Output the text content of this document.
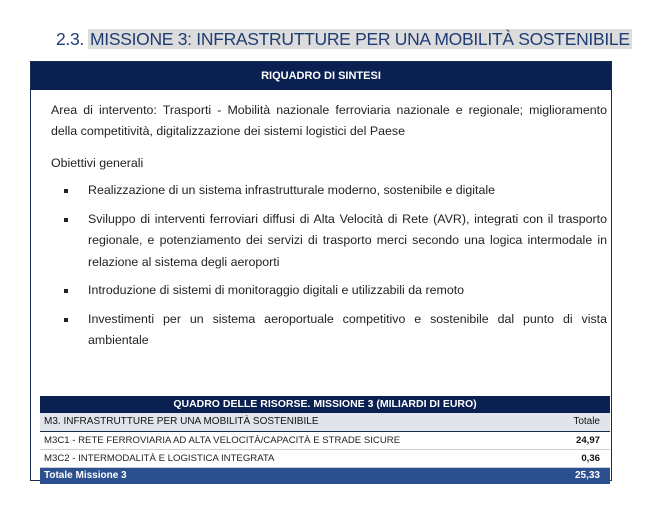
2.3. MISSIONE 3: INFRASTRUTTURE PER UNA MOBILITÀ SOSTENIBILE
RIQUADRO DI SINTESI
Area di intervento: Trasporti - Mobilità nazionale ferroviaria nazionale e regionale; miglioramento della competitività, digitalizzazione dei sistemi logistici del Paese
Obiettivi generali
Realizzazione di un sistema infrastrutturale moderno, sostenibile e digitale
Sviluppo di interventi ferroviari diffusi di Alta Velocità di Rete (AVR), integrati con il trasporto regionale, e potenziamento dei servizi di trasporto merci secondo una logica intermodale in relazione al sistema degli aeroporti
Introduzione di sistemi di monitoraggio digitali e utilizzabili da remoto
Investimenti per un sistema aeroportuale competitivo e sostenibile dal punto di vista ambientale
QUADRO DELLE RISORSE. MISSIONE 3 (MILIARDI DI EURO)
M3. INFRASTRUTTURE PER UNA MOBILITÀ SOSTENIBILE	Totale
M3C1 - RETE FERROVIARIA AD ALTA VELOCITÀ/CAPACITÀ E STRADE SICURE	24,97
M3C2 - INTERMODALITÀ E LOGISTICA INTEGRATA	0,36
Totale Missione 3	25,33
